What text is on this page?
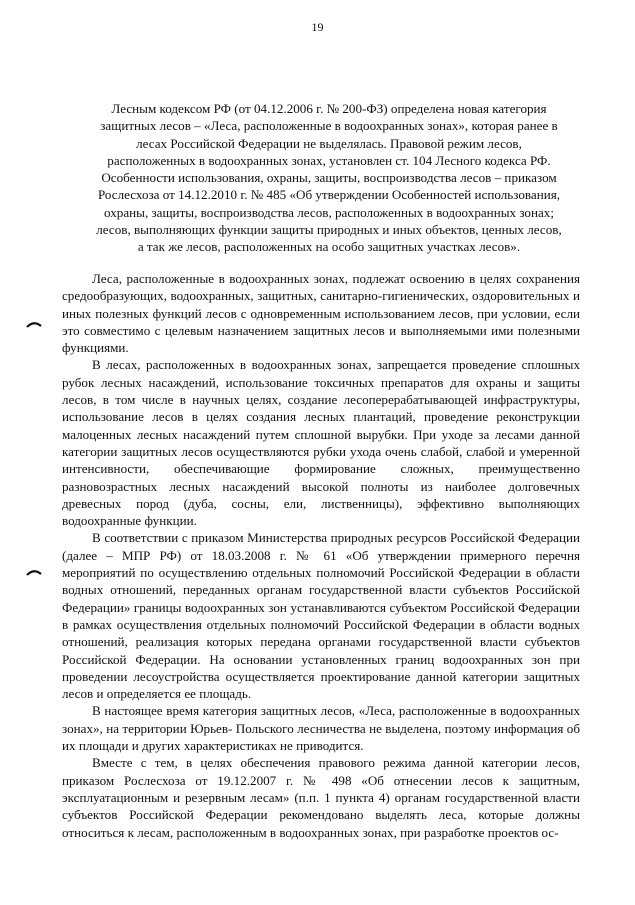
19
Лесным кодексом РФ (от 04.12.2006 г. № 200-ФЗ) определена новая категория защитных лесов – «Леса, расположенные в водоохранных зонах», которая ранее в лесах Российской Федерации не выделялась. Правовой режим лесов, расположенных в водоохранных зонах, установлен ст. 104 Лесного кодекса РФ. Особенности использования, охраны, защиты, воспроизводства лесов – приказом Рослесхоза от 14.12.2010 г. № 485 «Об утверждении Особенностей использования, охраны, защиты, воспроизводства лесов, расположенных в водоохранных зонах; лесов, выполняющих функции защиты природных и иных объектов, ценных лесов, а так же лесов, расположенных на особо защитных участках лесов».

Леса, расположенные в водоохранных зонах, подлежат освоению в целях сохранения средообразующих, водоохранных, защитных, санитарно-гигиенических, оздоровительных и иных полезных функций лесов с одновременным использованием лесов, при условии, если это совместимо с целевым назначением защитных лесов и выполняемыми ими полезными функциями.

В лесах, расположенных в водоохранных зонах, запрещается проведение сплошных рубок лесных насаждений, использование токсичных препаратов для охраны и защиты лесов, в том числе в научных целях, создание лесоперерабатывающей инфраструктуры, использование лесов в целях создания лесных плантаций, проведение реконструкции малоценных лесных насаждений путем сплошной вырубки. При уходе за лесами данной категории защитных лесов осуществляются рубки ухода очень слабой, слабой и умеренной интенсивности, обеспечивающие формирование сложных, преимущественно разновозрастных лесных насаждений высокой полноты из наиболее долговечных древесных пород (дуба, сосны, ели, лиственницы), эффективно выполняющих водоохранные функции.

В соответствии с приказом Министерства природных ресурсов Российской Федерации (далее – МПР РФ) от 18.03.2008 г. № 61 «Об утверждении примерного перечня мероприятий по осуществлению отдельных полномочий Российской Федерации в области водных отношений, переданных органам государственной власти субъектов Российской Федерации» границы водоохранных зон устанавливаются субъектом Российской Федерации в рамках осуществления отдельных полномочий Российской Федерации в области водных отношений, реализация которых передана органами государственной власти субъектов Российской Федерации. На основании установленных границ водоохранных зон при проведении лесоустройства осуществляется проектирование данной категории защитных лесов и определяется ее площадь.

В настоящее время категория защитных лесов, «Леса, расположенные в водоохранных зонах», на территории Юрьев- Польского лесничества не выделена, поэтому информация об их площади и других характеристиках не приводится.

Вместе с тем, в целях обеспечения правового режима данной категории лесов, приказом Рослесхоза от 19.12.2007 г. № 498 «Об отнесении лесов к защитным, эксплуатационным и резервным лесам» (п.п. 1 пункта 4) органам государственной власти субъектов Российской Федерации рекомендовано выделять леса, которые должны относиться к лесам, расположенным в водоохранных зонах, при разработке проектов ос-
